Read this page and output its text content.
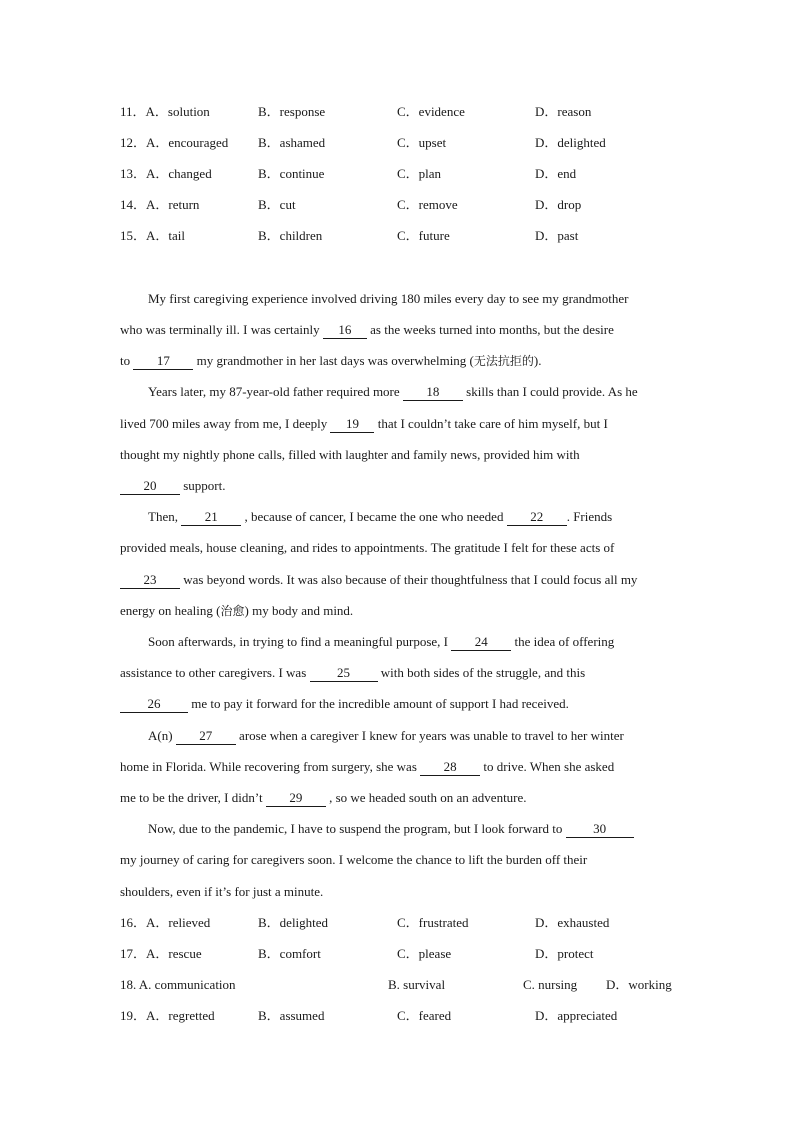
11．A．solution	B．response	C．evidence	D．reason
12．A．encouraged B．ashamed	C．upset	D．delighted
13．A．changed	B．continue	C．plan	D．end
14．A．return	B．cut	C．remove	D．drop
15．A．tail	B．children	C．future	D．past
My first caregiving experience involved driving 180 miles every day to see my grandmother
who was terminally ill. I was certainly 16 as the weeks turned into months, but the desire
to 17 my grandmother in her last days was overwhelming (无法抗拒的).
Years later, my 87-year-old father required more 18 skills than I could provide. As he
lived 700 miles away from me, I deeply 19 that I couldn’t take care of him myself, but I
thought my nightly phone calls, filled with laughter and family news, provided him with
20 support.
Then, 21 , because of cancer, I became the one who needed 22 . Friends
provided meals, house cleaning, and rides to appointments. The gratitude I felt for these acts of
23 was beyond words. It was also because of their thoughtfulness that I could focus all my
energy on healing (治愈) my body and mind.
Soon afterwards, in trying to find a meaningful purpose, I 24 the idea of offering
assistance to other caregivers. I was 25 with both sides of the struggle, and this
26 me to pay it forward for the incredible amount of support I had received.
A(n) 27 arose when a caregiver I knew for years was unable to travel to her winter
home in Florida. While recovering from surgery, she was 28 to drive. When she asked
me to be the driver, I didn’t 29 , so we headed south on an adventure.
Now, due to the pandemic, I have to suspend the program, but I look forward to 30
my journey of caring for caregivers soon. I welcome the chance to lift the burden off their
shoulders, even if it’s for just a minute.
16．A．relieved	B．delighted	C．frustrated	D．exhausted
17．A．rescue	B．comfort	C．please	D．protect
18. A. communication	B. survival	C. nursing D．working
19．A．regretted	B．assumed	C．feared	D．appreciated
